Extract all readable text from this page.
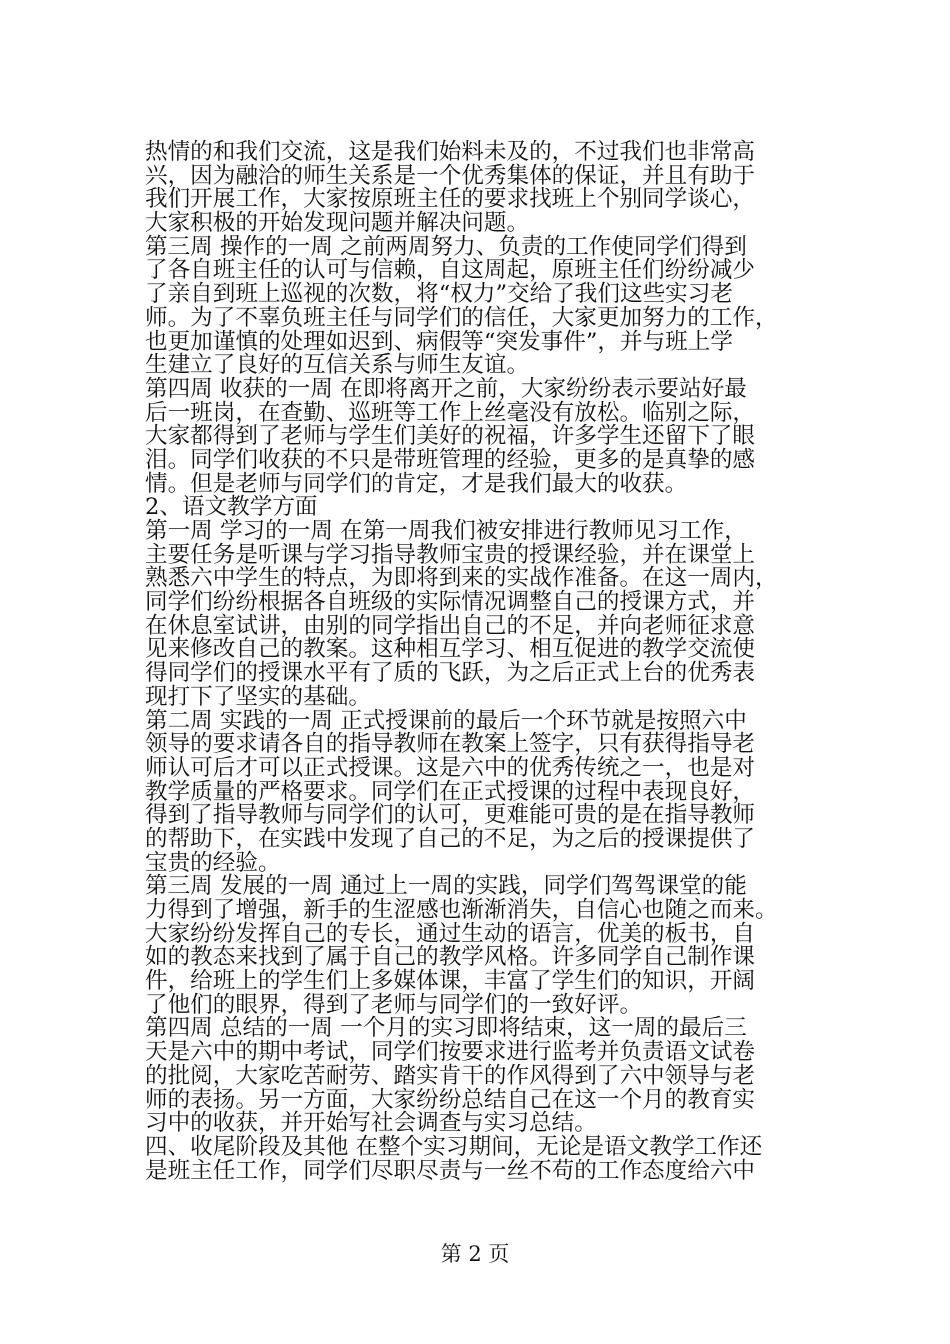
热情的和我们交流，这是我们始料未及的，不过我们也非常高
兴，因为融洽的师生关系是一个优秀集体的保证，并且有助于
我们开展工作，大家按原班主任的要求找班上个别同学谈心，
大家积极的开始发现问题并解决问题。
第三周 操作的一周 之前两周努力、负责的工作使同学们得到
了各自班主任的认可与信赖，自这周起，原班主任们纷纷减少
了亲自到班上巡视的次数，将“权力”交给了我们这些实习老
师。为了不辜负班主任与同学们的信任，大家更加努力的工作，
也更加谨慎的处理如迟到、病假等“突发事件”，并与班上学
生建立了良好的互信关系与师生友谊。
第四周 收获的一周 在即将离开之前，大家纷纷表示要站好最
后一班岗，在查勤、巡班等工作上丝毫没有放松。临别之际，
大家都得到了老师与学生们美好的祝福，许多学生还留下了眼
泪。同学们收获的不只是带班管理的经验，更多的是真挚的感
情。但是老师与同学们的肯定，才是我们最大的收获。
2、语文教学方面
第一周 学习的一周 在第一周我们被安排进行教师见习工作，
主要任务是听课与学习指导教师宝贵的授课经验，并在课堂上
熟悉六中学生的特点，为即将到来的实战作准备。在这一周内，
同学们纷纷根据各自班级的实际情况调整自己的授课方式，并
在休息室试讲，由别的同学指出自己的不足，并向老师征求意
见来修改自己的教案。这种相互学习、相互促进的教学交流使
得同学们的授课水平有了质的飞跃，为之后正式上台的优秀表
现打下了坚实的基础。
第二周 实践的一周 正式授课前的最后一个环节就是按照六中
领导的要求请各自的指导教师在教案上签字，只有获得指导老
师认可后才可以正式授课。这是六中的优秀传统之一，也是对
教学质量的严格要求。同学们在正式授课的过程中表现良好，
得到了指导教师与同学们的认可，更难能可贵的是在指导教师
的帮助下，在实践中发现了自己的不足，为之后的授课提供了
宝贵的经验。
第三周 发展的一周 通过上一周的实践，同学们驾驾课堂的能
力得到了增强，新手的生涩感也渐渐消失，自信心也随之而来。
大家纷纷发挥自己的专长，通过生动的语言，优美的板书，自
如的教态来找到了属于自己的教学风格。许多同学自己制作课
件，给班上的学生们上多媒体课，丰富了学生们的知识，开阔
了他们的眼界，得到了老师与同学们的一致好评。
第四周 总结的一周 一个月的实习即将结束，这一周的最后三
天是六中的期中考试，同学们按要求进行监考并负责语文试卷
的批阅，大家吃苦耐劳、踏实肯干的作风得到了六中领导与老
师的表扬。另一方面，大家纷纷总结自己在这一个月的教育实
习中的收获，并开始写社会调查与实习总结。
四、收尾阶段及其他 在整个实习期间，无论是语文教学工作还
是班主任工作，同学们尽职尽责与一丝不苟的工作态度给六中
第 2 页
